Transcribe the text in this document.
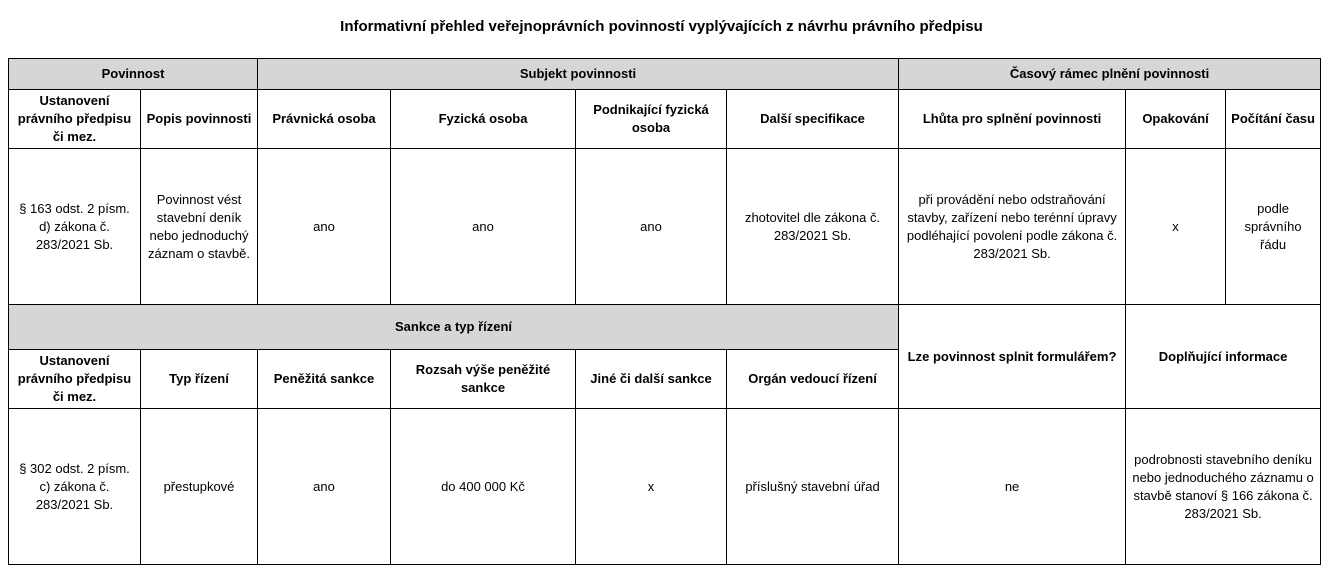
Informativní přehled veřejnoprávních povinností vyplývajících z návrhu právního předpisu
Povinnost		Subjekt povinnosti				Časový rámec plnění povinnosti		
Ustanovení právního předpisu či mez.	Popis povinnosti	Právnická osoba	Fyzická osoba	Podnikající fyzická osoba	Další specifikace	Lhůta pro splnění povinnosti	Opakování	Počítání času
§ 163 odst. 2 písm. d) zákona č. 283/2021 Sb.	Povinnost vést stavební deník nebo jednoduchý záznam o stavbě.	ano	ano	ano	zhotovitel dle zákona č. 283/2021 Sb.	při provádění nebo odstraňování stavby, zařízení nebo terénní úpravy podléhající povolení podle zákona č. 283/2021 Sb.	x	podle správního řádu
Sankce a typ řízení						Lze povinnost splnit formulářem?	Doplňující informace	
Ustanovení právního předpisu či mez.	Typ řízení	Peněžitá sankce	Rozsah výše peněžité sankce	Jiné či další sankce	Orgán vedoucí řízení			
§ 302 odst. 2 písm. c) zákona č. 283/2021 Sb.	přestupkové	ano	do 400 000 Kč	x	příslušný stavební úřad	ne	podrobnosti stavebního deníku nebo jednoduchého záznamu o stavbě stanoví § 166 zákona č. 283/2021 Sb.	
